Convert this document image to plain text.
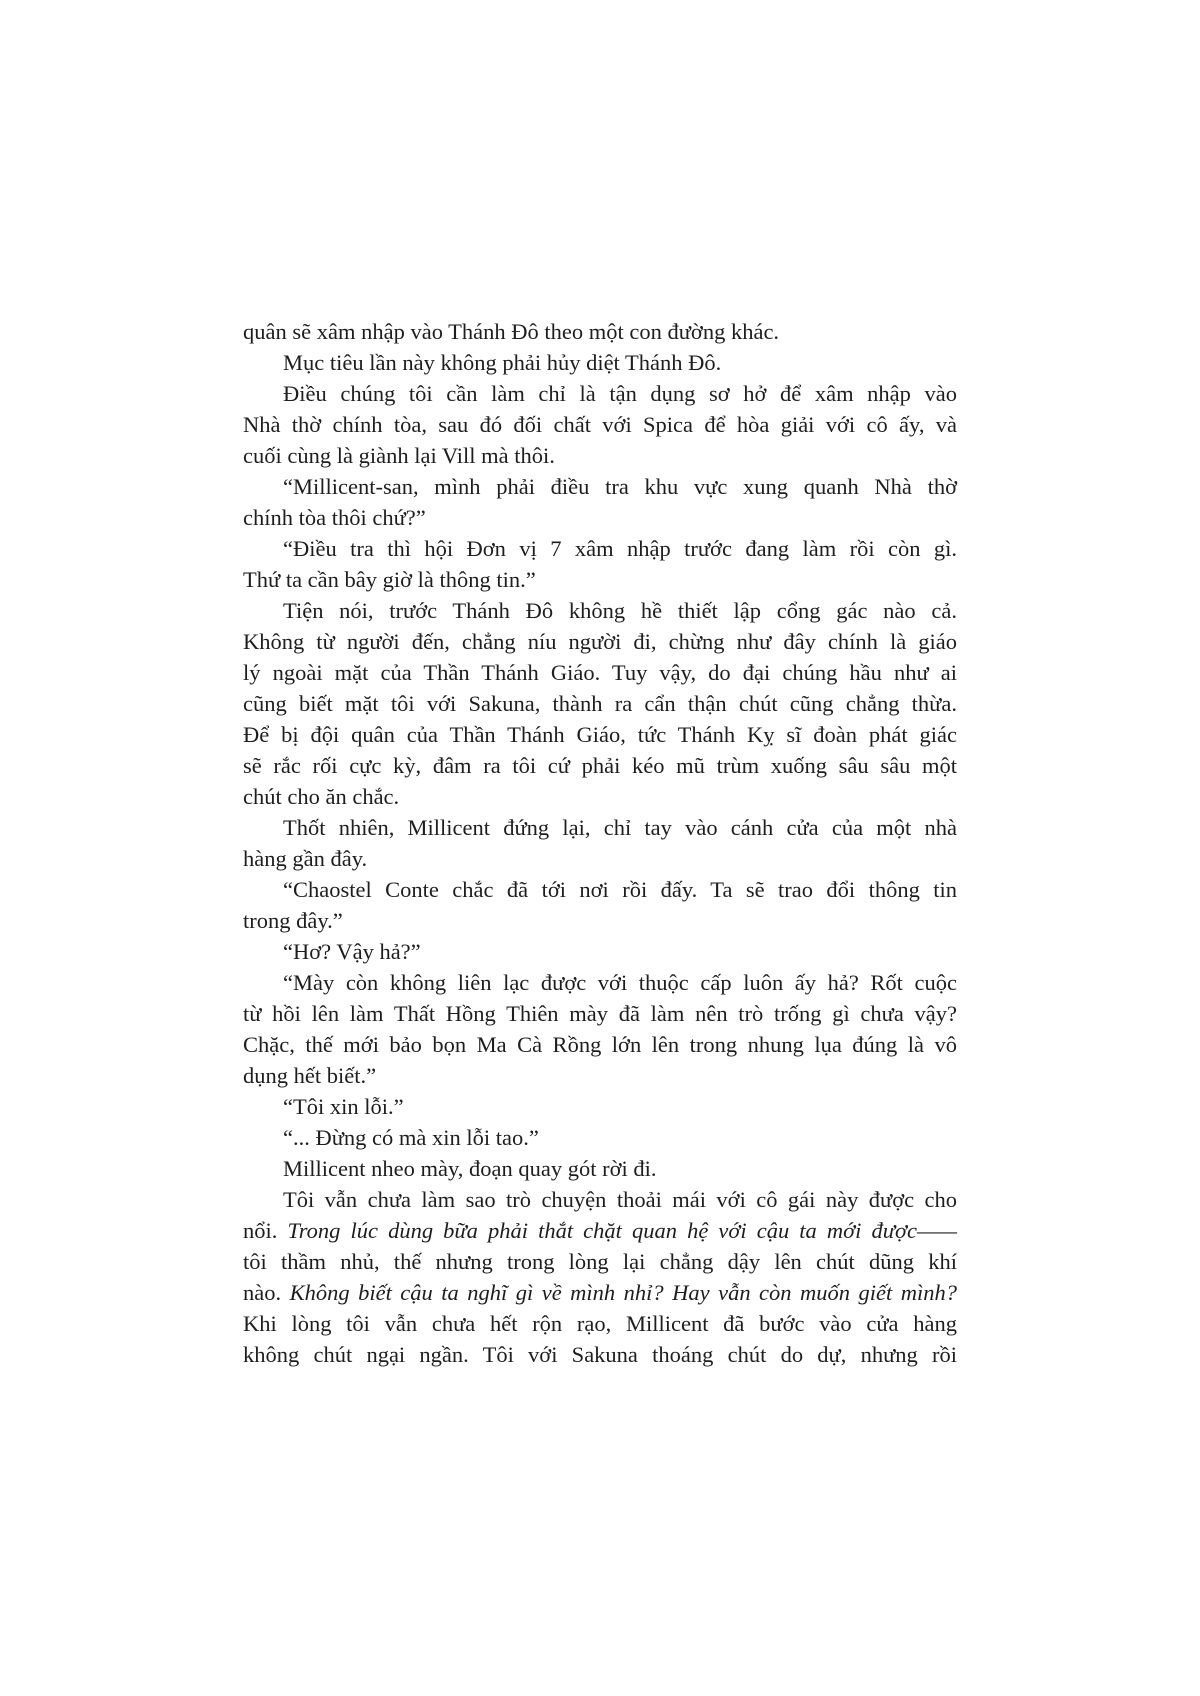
quân sẽ xâm nhập vào Thánh Đô theo một con đường khác.
Mục tiêu lần này không phải hủy diệt Thánh Đô.
Điều chúng tôi cần làm chỉ là tận dụng sơ hở để xâm nhập vào
Nhà thờ chính tòa, sau đó đối chất với Spica để hòa giải với cô ấy, và
cuối cùng là giành lại Vill mà thôi.
“Millicent-san, mình phải điều tra khu vực xung quanh Nhà thờ
chính tòa thôi chứ?”
“Điều tra thì hội Đơn vị 7 xâm nhập trước đang làm rồi còn gì.
Thứ ta cần bây giờ là thông tin.”
Tiện nói, trước Thánh Đô không hề thiết lập cổng gác nào cả.
Không từ người đến, chẳng níu người đi, chừng như đây chính là giáo
lý ngoài mặt của Thần Thánh Giáo. Tuy vậy, do đại chúng hầu như ai
cũng biết mặt tôi với Sakuna, thành ra cẩn thận chút cũng chẳng thừa.
Để bị đội quân của Thần Thánh Giáo, tức Thánh Kỵ sĩ đoàn phát giác
sẽ rắc rối cực kỳ, đâm ra tôi cứ phải kéo mũ trùm xuống sâu sâu một
chút cho ăn chắc.
Thốt nhiên, Millicent đứng lại, chỉ tay vào cánh cửa của một nhà
hàng gần đây.
“Chaostel Conte chắc đã tới nơi rồi đấy. Ta sẽ trao đổi thông tin
trong đây.”
“Hơ? Vậy hả?”
“Mày còn không liên lạc được với thuộc cấp luôn ấy hả? Rốt cuộc
từ hồi lên làm Thất Hồng Thiên mày đã làm nên trò trống gì chưa vậy?
Chặc, thế mới bảo bọn Ma Cà Rồng lớn lên trong nhung lụa đúng là vô
dụng hết biết.”
“Tôi xin lỗi.”
“... Đừng có mà xin lỗi tao.”
Millicent nheo mày, đoạn quay gót rời đi.
Tôi vẫn chưa làm sao trò chuyện thoải mái với cô gái này được cho
nổi. Trong lúc dùng bữa phải thắt chặt quan hệ với cậu ta mới được——
tôi thầm nhủ, thế nhưng trong lòng lại chẳng dậy lên chút dũng khí
nào. Không biết cậu ta nghĩ gì về mình nhỉ? Hay vẫn còn muốn giết mình?
Khi lòng tôi vẫn chưa hết rộn rạo, Millicent đã bước vào cửa hàng
không chút ngại ngần. Tôi với Sakuna thoáng chút do dự, nhưng rồi
